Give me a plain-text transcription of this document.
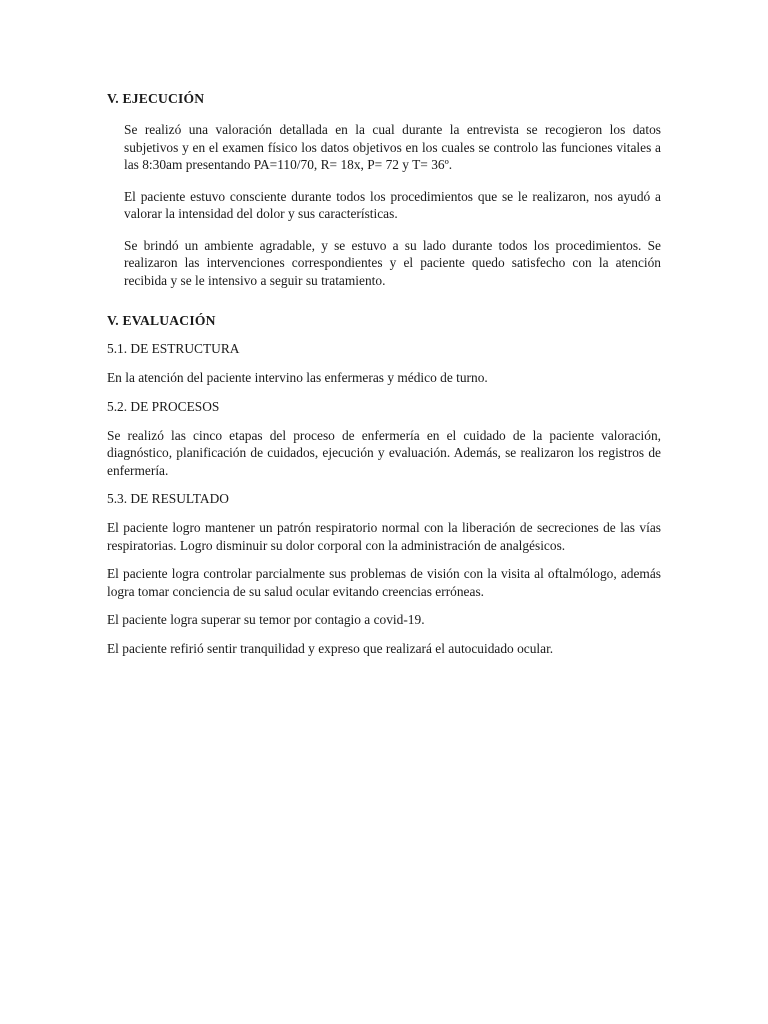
V. EJECUCIÓN

Se realizó una valoración detallada en la cual durante la entrevista se recogieron los datos subjetivos y en el examen físico los datos objetivos en los cuales se controlo las funciones vitales a las 8:30am presentando PA=110/70, R= 18x, P= 72 y T= 36º.

El paciente estuvo consciente durante todos los procedimientos que se le realizaron, nos ayudó a valorar la intensidad del dolor y sus características.

Se brindó un ambiente agradable, y se estuvo a su lado durante todos los procedimientos. Se realizaron las intervenciones correspondientes y el paciente quedo satisfecho con la atención recibida y se le intensivo a seguir su tratamiento.

V. EVALUACIÓN
5.1. DE ESTRUCTURA

En la atención del paciente intervino las enfermeras y médico de turno.

5.2. DE PROCESOS

Se realizó las cinco etapas del proceso de enfermería en el cuidado de la paciente valoración, diagnóstico, planificación de cuidados, ejecución y evaluación. Además, se realizaron los registros de enfermería.

5.3. DE RESULTADO

El paciente logro mantener un patrón respiratorio normal con la liberación de secreciones de las vías respiratorias. Logro disminuir su dolor corporal con la administración de analgésicos.

El paciente logra controlar parcialmente sus problemas de visión con la visita al oftalmólogo, además logra tomar conciencia de su salud ocular evitando creencias erróneas.

El paciente logra superar su temor por contagio a covid-19.

El paciente refirió sentir tranquilidad y expreso que realizará el autocuidado ocular.
